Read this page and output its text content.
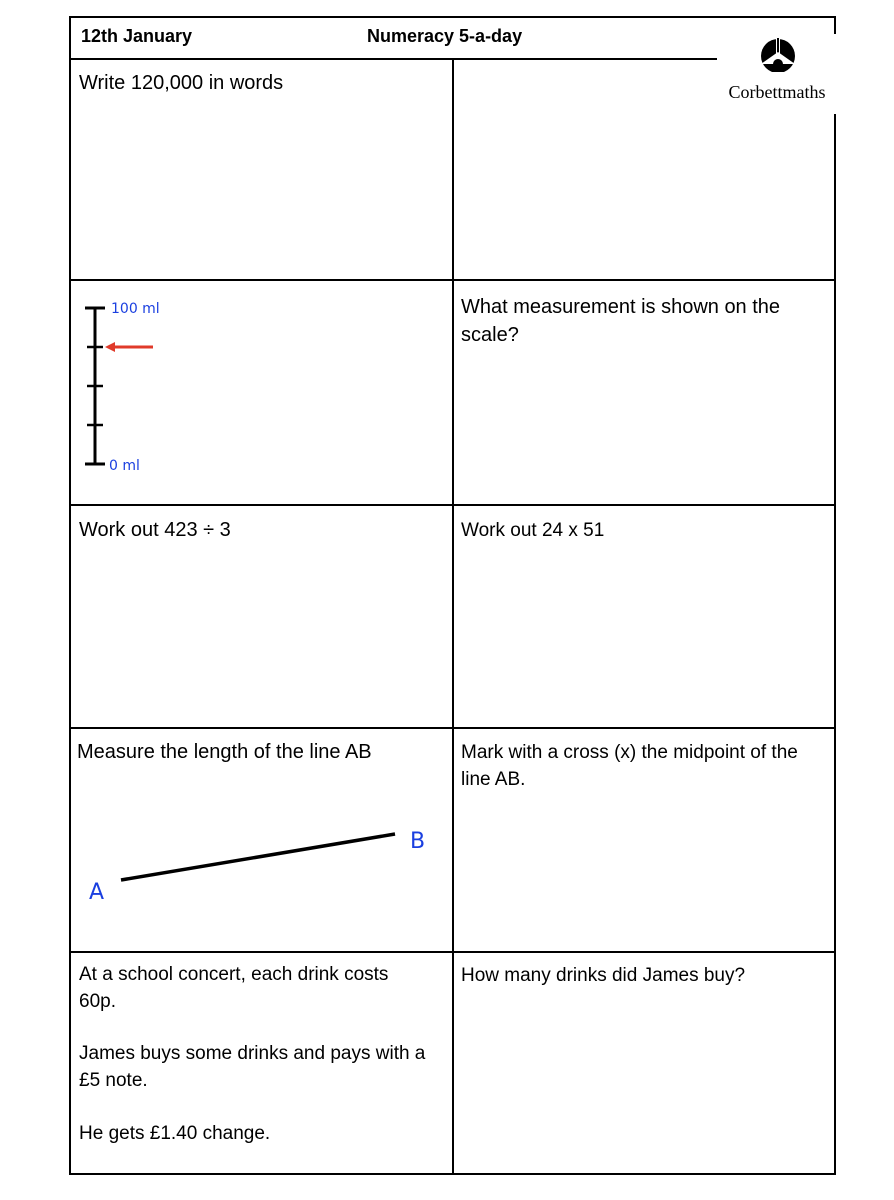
12th January	Numeracy 5-a-day
Corbettmaths
Write 120,000 in words
100 ml
0 ml
What measurement is shown on the scale?
Work out 423 ÷ 3	Work out 24 x 51
Measure the length of the line AB
A
B
Mark with a cross (x) the midpoint of the line AB.
At a school concert, each drink costs 60p.
James buys some drinks and pays with a £5 note.
He gets £1.40 change.
How many drinks did James buy?
